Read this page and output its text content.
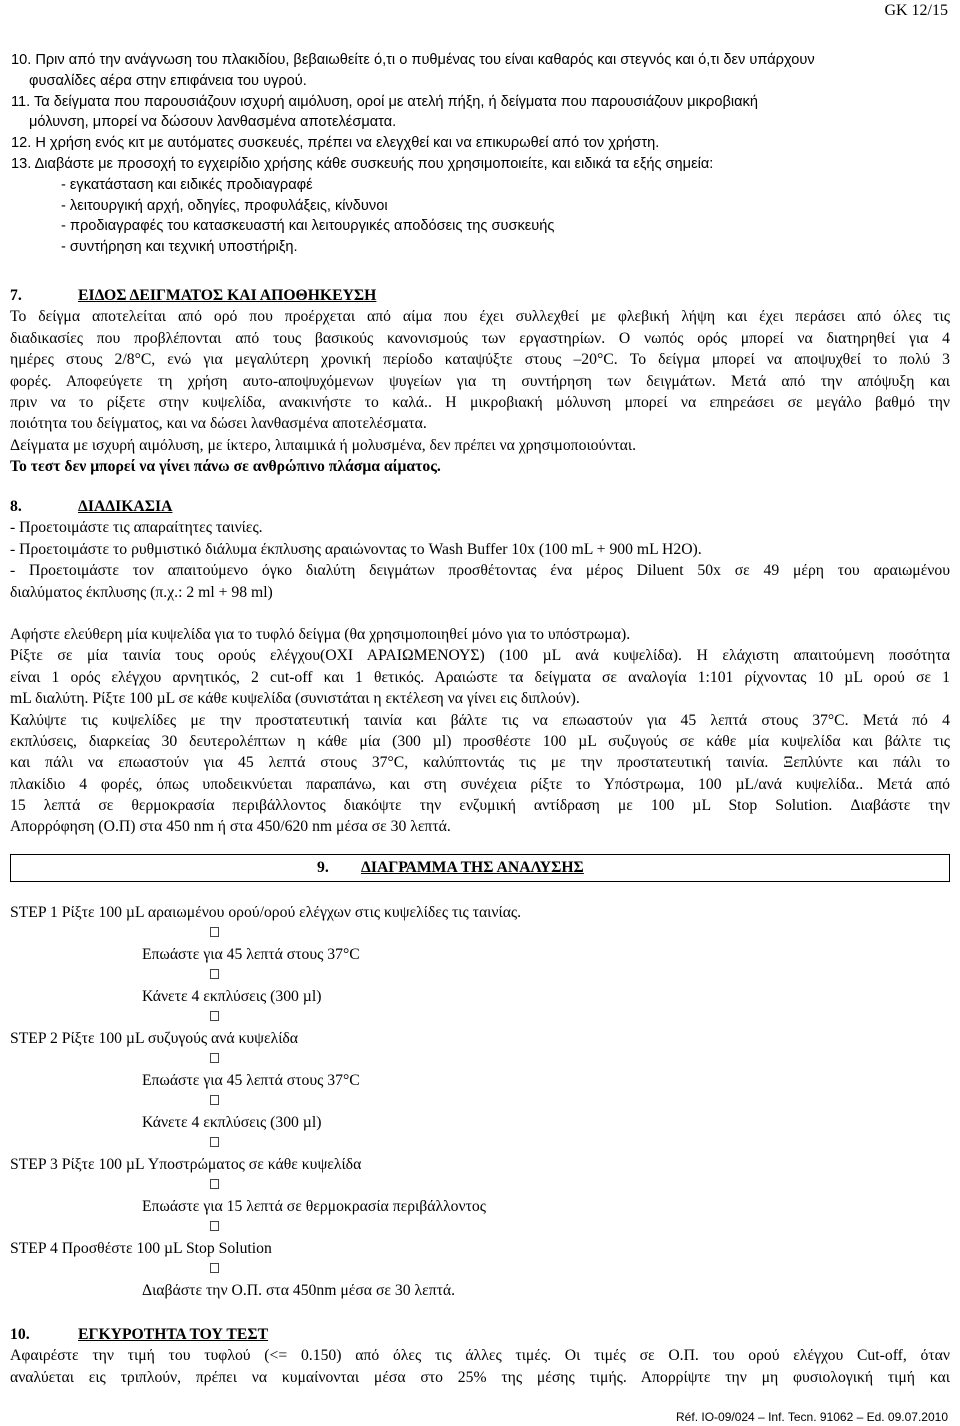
GK 12/15
10. Πριν από την ανάγνωση του πλακιδίου, βεβαιωθείτε ό,τι ο πυθμένας του είναι καθαρός και στεγνός και ό,τι δεν υπάρχουν
φυσαλίδες αέρα στην επιφάνεια του υγρού.
11. Τα δείγματα που παρουσιάζουν ισχυρή αιμόλυση, οροί με ατελή πήξη, ή δείγματα που παρουσιάζουν μικροβιακή
μόλυνση, μπορεί να δώσουν λανθασμένα αποτελέσματα.
12. Η χρήση ενός κιτ με αυτόματες συσκευές, πρέπει να ελεγχθεί και να επικυρωθεί από τον χρήστη.
13. Διαβάστε με προσοχή το εγχειρίδιο χρήσης κάθε συσκευής που χρησιμοποιείτε, και ειδικά τα εξής σημεία:
- εγκατάσταση και ειδικές προδιαγραφέ
- λειτουργική αρχή, οδηγίες, προφυλάξεις, κίνδυνοι
- προδιαγραφές του κατασκευαστή και λειτουργικές αποδόσεις της συσκευής
- συντήρηση και τεχνική υποστήριξη.
7.	ΕΙΔΟΣ ΔΕΙΓΜΑΤΟΣ ΚΑΙ ΑΠΟΘΗΚΕΥΣΗ
Το δείγμα αποτελείται από ορό που προέρχεται από αίμα που έχει συλλεχθεί με φλεβική λήψη και έχει περάσει από όλες τις
διαδικασίες που προβλέπονται από τους βασικούς κανονισμούς των εργαστηρίων. Ο νωπός ορός μπορεί να διατηρηθεί για 4
ημέρες στους 2/8°C, ενώ για μεγαλύτερη χρονική περίοδο καταψύξτε στους –20°C. Το δείγμα μπορεί να αποψυχθεί το πολύ 3
φορές. Αποφεύγετε τη χρήση αυτο-αποψυχόμενων ψυγείων για τη συντήρηση των δειγμάτων. Μετά από την απόψυξη και
πριν να το ρίξετε στην κυψελίδα, ανακινήστε το καλά.. Η μικροβιακή μόλυνση μπορεί να επηρεάσει σε μεγάλο βαθμό την
ποιότητα του δείγματος, και να δώσει λανθασμένα αποτελέσματα.
Δείγματα με ισχυρή αιμόλυση, με ίκτερο, λιπαιμικά ή μολυσμένα, δεν πρέπει να χρησιμοποιούνται.
Το τεστ δεν μπορεί να γίνει πάνω σε ανθρώπινο πλάσμα αίματος.
8.	ΔΙΑΔΙΚΑΣΙΑ
- Προετοιμάστε τις απαραίτητες ταινίες.
- Προετοιμάστε το ρυθμιστικό διάλυμα έκπλυσης αραιώνοντας το Wash Buffer 10x (100 mL + 900 mL H2O).
- Προετοιμάστε τον απαιτούμενο όγκο διαλύτη δειγμάτων προσθέτοντας ένα μέρος Diluent 50x σε 49 μέρη του αραιωμένου
διαλύματος έκπλυσης (π.χ.: 2 ml + 98 ml)
Αφήστε ελεύθερη μία κυψελίδα για το τυφλό δείγμα (θα χρησιμοποιηθεί μόνο για το υπόστρωμα).
Ρίξτε σε μία ταινία τους ορούς ελέγχου(ΟΧΙ ΑΡΑΙΩΜΕΝΟΥΣ) (100 µL ανά κυψελίδα). Η ελάχιστη απαιτούμενη ποσότητα
είναι 1 ορός ελέγχου αρνητικός, 2 cut-off και 1 θετικός. Αραιώστε τα δείγματα σε αναλογία 1:101 ρίχνοντας 10 µL ορού σε 1
mL διαλύτη. Ρίξτε 100 µL σε κάθε κυψελίδα (συνιστάται η εκτέλεση να γίνει εις διπλούν).
Καλύψτε τις κυψελίδες με την προστατευτική ταινία και βάλτε τις να επωαστούν για 45 λεπτά στους 37°C. Μετά πό 4
εκπλύσεις, διαρκείας 30 δευτερολέπτων η κάθε μία (300 µl) προσθέστε 100 µL συζυγούς σε κάθε μία κυψελίδα και βάλτε τις
και πάλι να επωαστούν για 45 λεπτά στους 37°C, καλύπτοντάς τις με την προστατευτική ταινία. Ξεπλύντε και πάλι το
πλακίδιο 4 φορές, όπως υποδεικνύεται παραπάνω, και στη συνέχεια ρίξτε το Υπόστρωμα, 100 µL/ανά κυψελίδα.. Μετά από
15 λεπτά σε θερμοκρασία περιβάλλοντος διακόψτε την ενζυμική αντίδραση με 100 µL Stop Solution. Διαβάστε την
Απορρόφηση (Ο.Π) στα 450 nm ή στα 450/620 nm μέσα σε 30 λεπτά.
9. ΔΙΑΓΡΑΜΜΑ ΤΗΣ ΑΝΑΛΥΣΗΣ
STEP 1 Ρίξτε 100 µL αραιωμένου ορού/ορού ελέγχων στις κυψελίδες τις ταινίας.
Επωάστε για 45 λεπτά στους 37°C
Κάνετε 4 εκπλύσεις (300 µl)
STEP 2 Ρίξτε 100 µL συζυγούς ανά κυψελίδα
Επωάστε για 45 λεπτά στους 37°C
Κάνετε 4 εκπλύσεις (300 µl)
STEP 3 Ρίξτε 100 µL Υποστρώματος σε κάθε κυψελίδα
Επωάστε για 15 λεπτά σε θερμοκρασία περιβάλλοντος
STEP 4 Προσθέστε 100 µL Stop Solution
Διαβάστε την Ο.Π. στα 450nm μέσα σε 30 λεπτά.
10.	ΕΓΚΥΡΟΤΗΤΑ ΤΟΥ ΤΕΣΤ
Αφαιρέστε την τιμή του τυφλού (<= 0.150) από όλες τις άλλες τιμές. Οι τιμές σε Ο.Π. του ορού ελέγχου Cut-off, όταν
αναλύεται εις τριπλούν, πρέπει να κυμαίνονται μέσα στο 25% της μέσης τιμής. Απορρίψτε την μη φυσιολογική τιμή και
Réf. IO-09/024 – Inf. Tecn. 91062 – Ed. 09.07.2010
